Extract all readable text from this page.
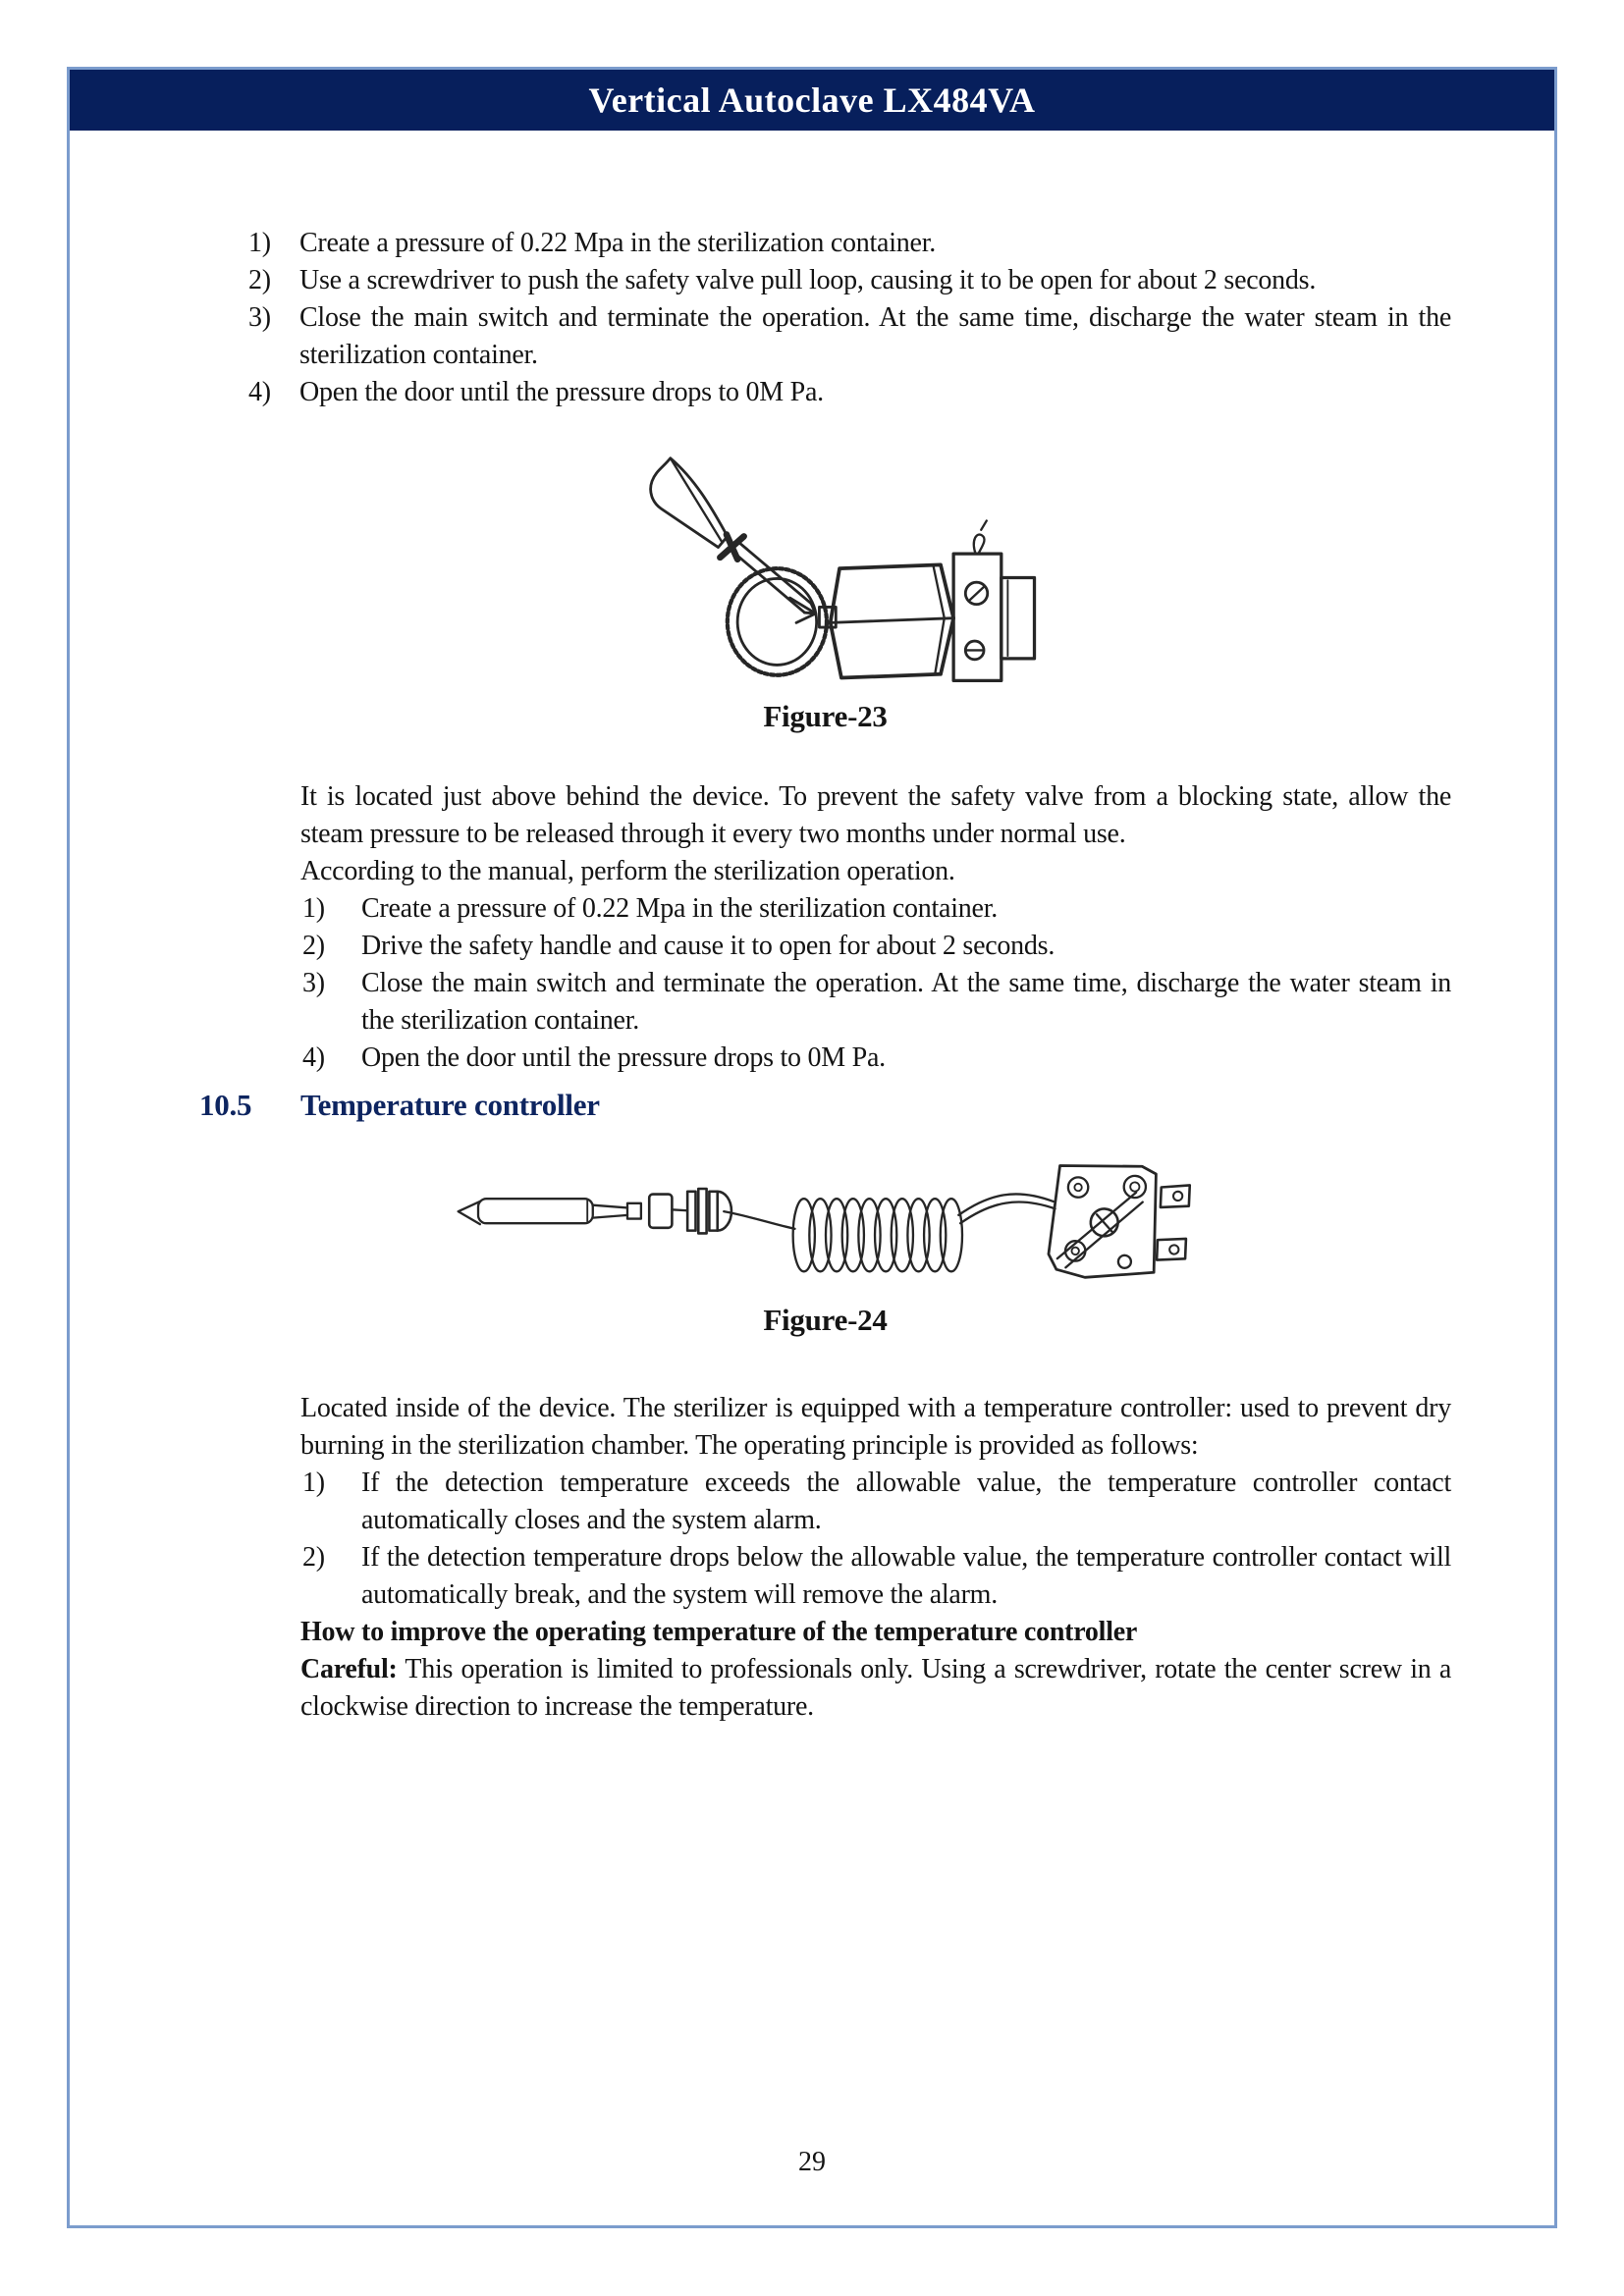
Vertical Autoclave LX484VA
1)	Create a pressure of 0.22 Mpa in the sterilization container.
2)	Use a screwdriver to push the safety valve pull loop, causing it to be open for about 2 seconds.
3)	Close the main switch and terminate the operation. At the same time, discharge the water steam in the sterilization container.
4)	Open the door until the pressure drops to 0M Pa.
Figure-23

It is located just above behind the device. To prevent the safety valve from a blocking state, allow the steam pressure to be released through it every two months under normal use.

According to the manual, perform the sterilization operation.

1)	Create a pressure of 0.22 Mpa in the sterilization container.
2)	Drive the safety handle and cause it to open for about 2 seconds.
3)	Close the main switch and terminate the operation. At the same time, discharge the water steam in the sterilization container.
4)	Open the door until the pressure drops to 0M Pa.
10.5	Temperature controller
Figure-24

Located inside of the device. The sterilizer is equipped with a temperature controller: used to prevent dry burning in the sterilization chamber. The operating principle is provided as follows:

1)	If the detection temperature exceeds the allowable value, the temperature controller contact automatically closes and the system alarm.
2)	If the detection temperature drops below the allowable value, the temperature controller contact will automatically break, and the system will remove the alarm.

How to improve the operating temperature of the temperature controller

Careful: This operation is limited to professionals only. Using a screwdriver, rotate the center screw in a clockwise direction to increase the temperature.

29
